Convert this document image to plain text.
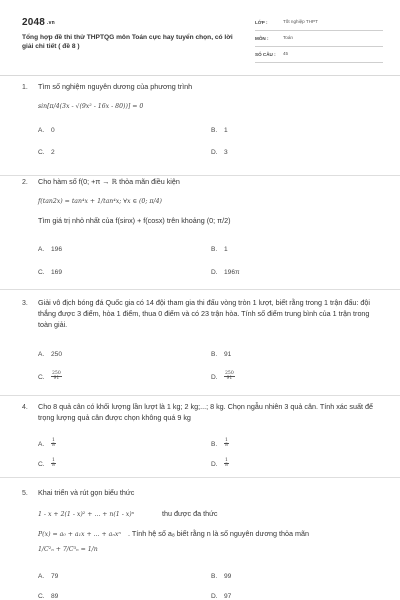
2048 .vn
Tổng hợp đề thi thử THPTQG môn Toán cực hay tuyển chọn, có lời giải chi tiết ( đề 8 )
LỚP :	Tốt nghiệp THPT
MÔN :	Toán
SỐ CÂU : 45
1. Tìm số nghiệm nguyên dương của phương trình
sin[π/4(3x - √(9x² - 16x - 80))] = 0
A. 0	B. 1
C. 2	D. 3
2. Cho hàm số f(0; +π → ℝ thỏa mãn điều kiện
f(tan2x) = tan⁴x + 1/tan⁴x; ∀x ∈ (0; π/4)
Tìm giá trị nhỏ nhất của f(sinx) + f(cosx) trên khoảng (0; π/2)
A. 196	B. 1
C. 169	D. 196π
3. Giải vô địch bóng đá Quốc gia có 14 đội tham gia thi đấu vòng tròn 1 lượt, biết rằng trong 1 trận đấu: đội thắng được 3 điểm, hòa 1 điểm, thua 0 điểm và có 23 trận hòa. Tính số điểm trung bình của 1 trận trong toàn giải.
A. 250	B. 91
C. $\frac{250}{91}$	D. $\frac{250}{91}$
4. Cho 8 quả cân có khối lượng lần lượt là 1 kg; 2 kg;...; 8 kg. Chọn ngẫu nhiên 3 quả cân. Tính xác suất để trọng lượng quả cân được chọn không quá 9 kg
A. $\frac{1}{8}$	B. $\frac{1}{8}$
C. $\frac{1}{8}$	D. $\frac{1}{8}$
5. Khai triển và rút gọn biểu thức
1 - x + 2(1 - x)² + ... + n(1 - x)ⁿ	thu được đa thức
P(x) = a₀ + a₁x + ... + aₙxⁿ . Tính hệ số a₈ biết rằng n là số nguyên dương thỏa mãn
1/C²ₙ + 7/C³ₙ = 1/n
A. 79	B. 99
C. 89	D. 97
